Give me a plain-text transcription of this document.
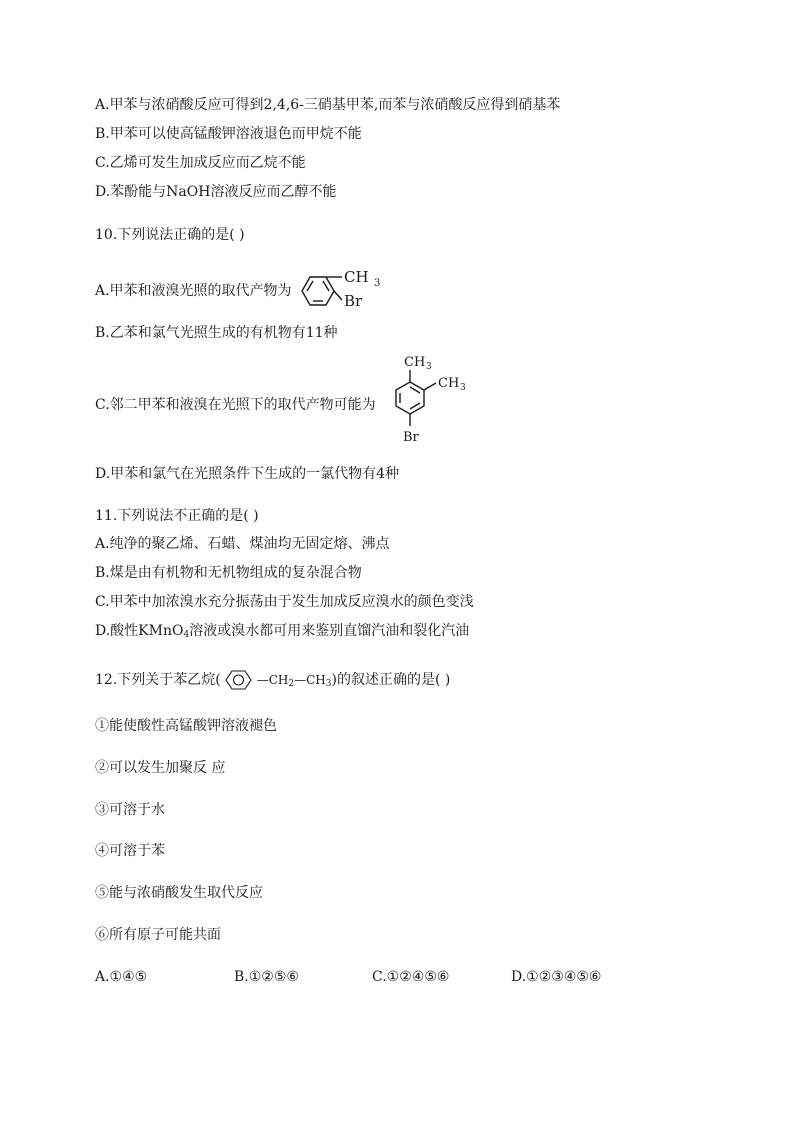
A.甲苯与浓硝酸反应可得到2,4,6-三硝基甲苯,而苯与浓硝酸反应得到硝基苯
B.甲苯可以使高锰酸钾溶液退色而甲烷不能
C.乙烯可发生加成反应而乙烷不能
D.苯酚能与NaOH溶液反应而乙醇不能
10.下列说法正确的是( )
A.甲苯和液溴光照的取代产物为
CH 3
Br
B.乙苯和氯气光照生成的有机物有11种
C.邻二甲苯和液溴在光照下的取代产物可能为
CH 3
CH 3
Br
D.甲苯和氯气在光照条件下生成的一氯代物有4种
11.下列说法不正确的是( )
A.纯净的聚乙烯、石蜡、煤油均无固定熔、沸点
B.煤是由有机物和无机物组成的复杂混合物
C.甲苯中加浓溴水充分振荡由于发生加成反应溴水的颜色变浅
D.酸性KMnO$_4$溶液或溴水都可用来鉴别直馏汽油和裂化汽油
12.下列关于苯乙烷(	$—CH_2$ $—CH_3$ )的叙述正确的是( )
①能使酸性高锰酸钾溶液褪色
②可以发生加聚反 应
③可溶于水
④可溶于苯
⑤能与浓硝酸发生取代反应
⑥所有原子可能共面
A.①④⑤	B.①②⑤⑥	C.①②④⑤⑥	D.①②③④⑤⑥
